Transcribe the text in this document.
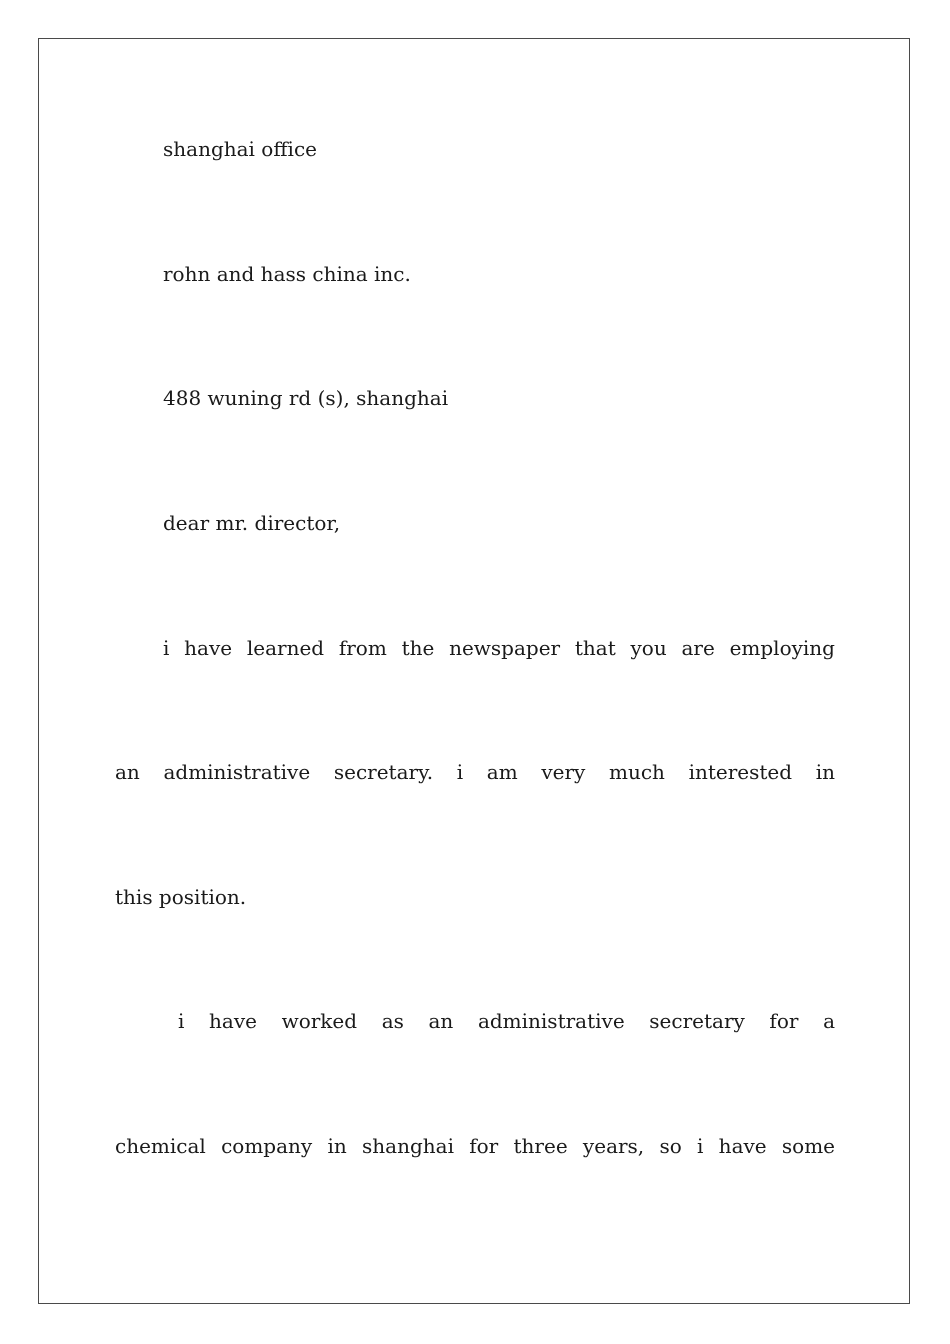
shanghai office
rohn and hass china inc.
488 wuning rd (s), shanghai
dear mr. director,
i have learned from the newspaper that you are employing
an administrative secretary. i am very much interested in
this position.
i have worked as an administrative secretary for a
chemical company in shanghai for three years, so i have some
